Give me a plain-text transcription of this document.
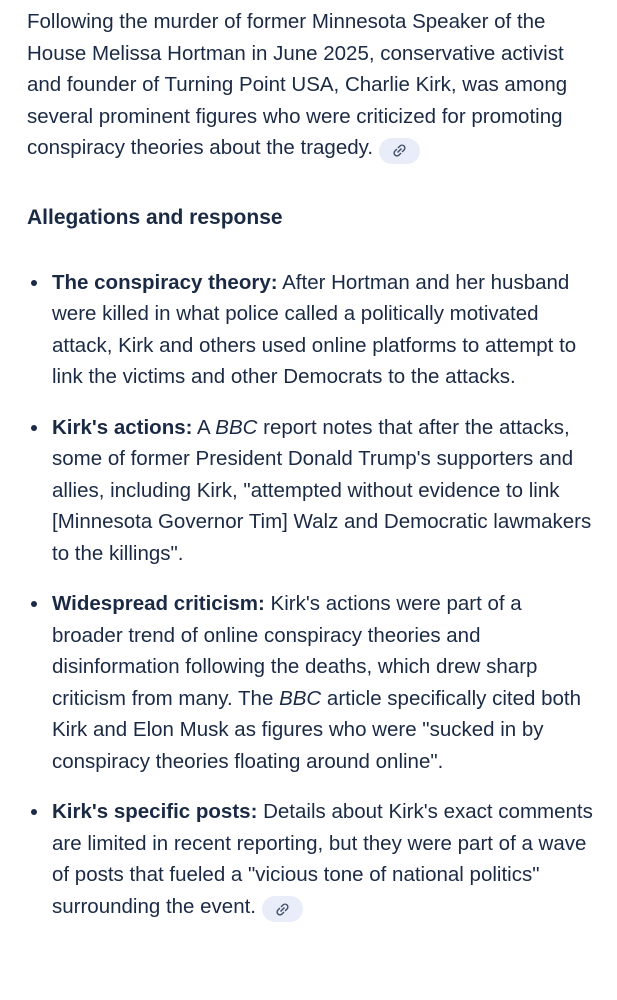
Following the murder of former Minnesota Speaker of the House Melissa Hortman in June 2025, conservative activist and founder of Turning Point USA, Charlie Kirk, was among several prominent figures who were criticized for promoting conspiracy theories about the tragedy.

Allegations and response
The conspiracy theory: After Hortman and her husband were killed in what police called a politically motivated attack, Kirk and others used online platforms to attempt to link the victims and other Democrats to the attacks.
Kirk's actions: A BBC report notes that after the attacks, some of former President Donald Trump's supporters and allies, including Kirk, "attempted without evidence to link [Minnesota Governor Tim] Walz and Democratic lawmakers to the killings".
Widespread criticism: Kirk's actions were part of a broader trend of online conspiracy theories and disinformation following the deaths, which drew sharp criticism from many. The BBC article specifically cited both Kirk and Elon Musk as figures who were "sucked in by conspiracy theories floating around online".
Kirk's specific posts: Details about Kirk's exact comments are limited in recent reporting, but they were part of a wave of posts that fueled a "vicious tone of national politics" surrounding the event.
